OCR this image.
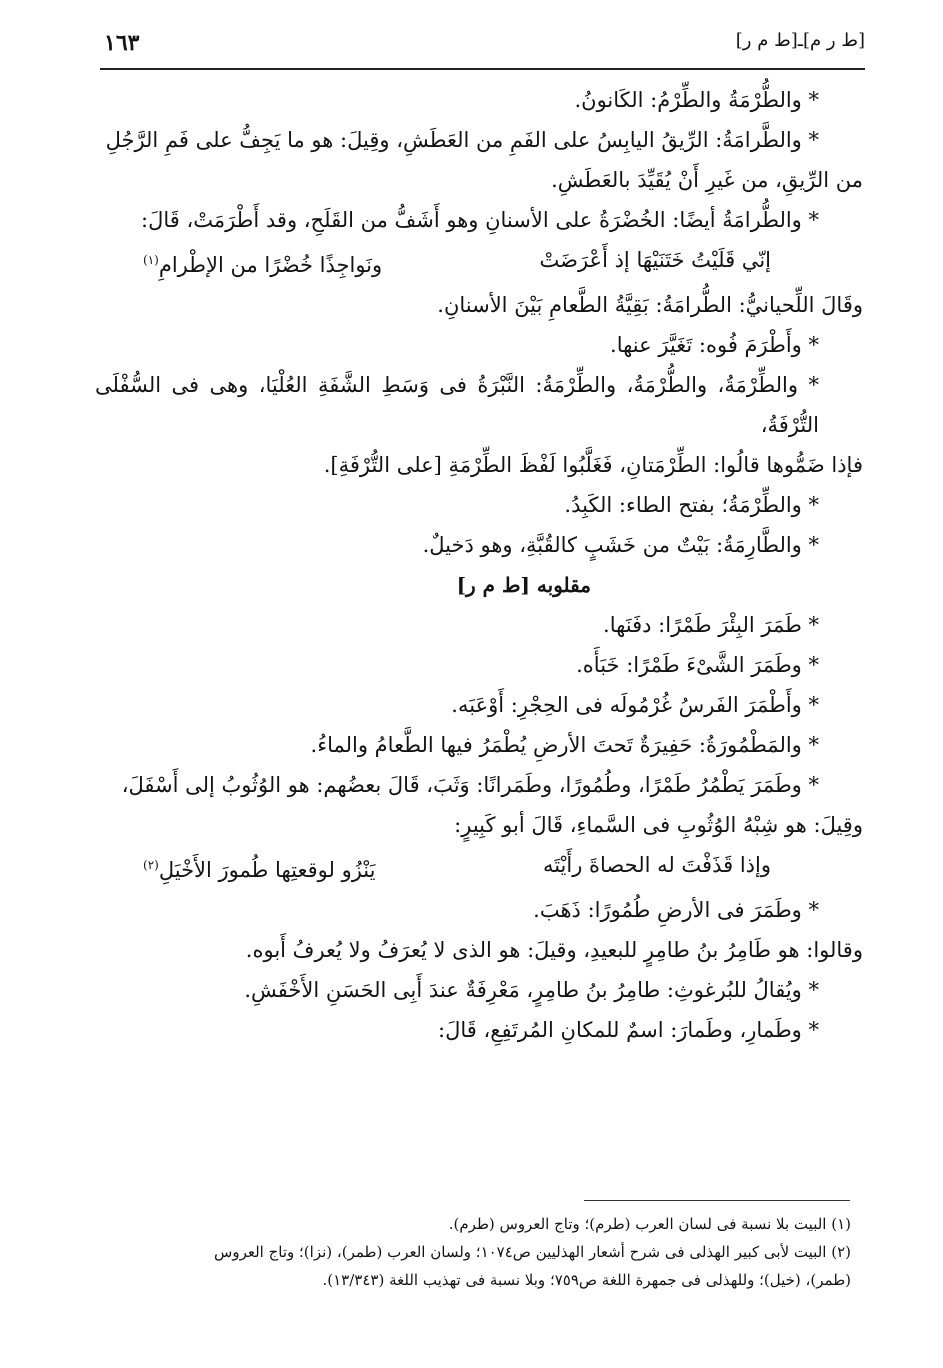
[ط ر م]ـ[ط م ر]
١٦٣

* والطُّرْمَةُ والطِّرْمُ: الكَانونُ.

* والطَّرامَةُ: الرِّيقُ اليابِسُ على الفَمِ من العَطَشِ، وقِيلَ: هو ما يَجِفُّ على فَمِ الرَّجُلِ

من الرِّيقِ، من غَيرِ أَنْ يُقَيِّدَ بالعَطَشِ.

* والطُّرامَةُ أيضًا: الخُضْرَةُ على الأسنانِ وهو أَشَفُّ من القَلَحِ، وقد أَطْرَمَتْ، قَالَ:

إنّي قَلَيْتُ خَتَنَيْهَا إذ أَعْرَضَتْ
ونَواجِذًا خُضْرًا من الإطْرامِ$^{(١)}$

وقَالَ اللِّحيانيُّ: الطُّرامَةُ: بَقِيَّةُ الطَّعامِ بَيْنَ الأسنانِ.

* وأَطْرَمَ فُوه: تَغَيَّرَ عنها.

* والطِّرْمَةُ، والطُّرْمَةُ، والطِّرْمَةُ: النَّبْرَةُ فى وَسَطِ الشَّفَةِ العُلْيَا، وهى فى السُّفْلَى التُّرْفَةُ،

فإذا ضَمُّوها قالُوا: الطِّرْمَتانِ، فَغَلَّبُوا لَفْظَ الطِّرْمَةِ [على التُّرْفَةِ].

* والطِّرْمَةُ؛ بفتح الطاء: الكَبِدُ.

* والطَّارِمَةُ: بَيْتٌ من خَشَبٍ كالقُبَّةِ، وهو دَخيلٌ.

مقلوبه [ط م ر]

* طَمَرَ البِئْرَ طَمْرًا: دفَنَها.

* وطَمَرَ الشَّىْءَ طَمْرًا: خَبَأَه.

* وأَطْمَرَ الفَرسُ غُرْمُولَه فى الحِجْرِ: أَوْعَبَه.

* والمَطْمُورَةُ: حَفِيرَةٌ تَحتَ الأرضِ يُطْمَرُ فيها الطَّعامُ والماءُ.

* وطَمَرَ يَطْمُرُ طَمْرًا، وطُمُورًا، وطَمَرانًا: وَثَبَ، قَالَ بعضُهم: هو الوُثُوبُ إلى أَسْفَلَ،

وقِيلَ: هو شِبْهُ الوُثُوبِ فى السَّماءِ، قَالَ أبو كَبِيرٍ:

وإذا قَذَفْتَ له الحصاةَ رأَيْتَه
يَنْزُو لوقعتِها طُمورَ الأَخْيَلِ$^{(٢)}$

* وطَمَرَ فى الأرضِ طُمُورًا: ذَهَبَ.

وقالوا: هو طَامِرُ بنُ طامِرٍ للبعيدِ، وقيلَ: هو الذى لا يُعرَفُ ولا يُعرفُ أَبوه.

* ويُقالُ للبُرغوثِ: طامِرُ بنُ طامِرٍ، مَعْرِفَةٌ عندَ أَبِى الحَسَنِ الأَخْفَشِ.

* وطَمارِ، وطَمارَ: اسمٌ للمكانِ المُرتَفِعِ، قَالَ:

(١) البيت بلا نسبة فى لسان العرب (طرم)؛ وتاج العروس (طرم).

(٢) البيت لأبى كبير الهذلى فى شرح أشعار الهذليين ص١٠٧٤؛ ولسان العرب (طمر)، (نزا)؛ وتاج العروس

(طمر)، (خيل)؛ وللهذلى فى جمهرة اللغة ص٧٥٩؛ وبلا نسبة فى تهذيب اللغة (١٣/٣٤٣).
